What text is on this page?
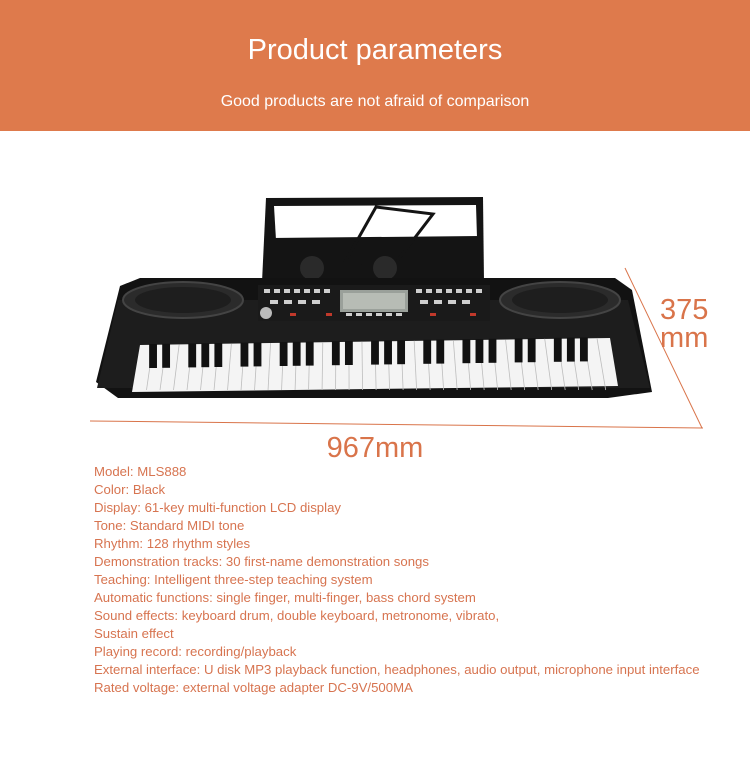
Product parameters
Good products are not afraid of comparison
375
mm
967mm
Model: MLS888
Color: Black
Display: 61-key multi-function LCD display
Tone: Standard MIDI tone
Rhythm: 128 rhythm styles
Demonstration tracks: 30 first-name demonstration songs
Teaching: Intelligent three-step teaching system
Automatic functions: single finger, multi-finger, bass chord system
Sound effects: keyboard drum, double keyboard, metronome, vibrato,
Sustain effect
Playing record: recording/playback
External interface: U disk MP3 playback function, headphones, audio output, microphone input interface
Rated voltage: external voltage adapter DC-9V/500MA
